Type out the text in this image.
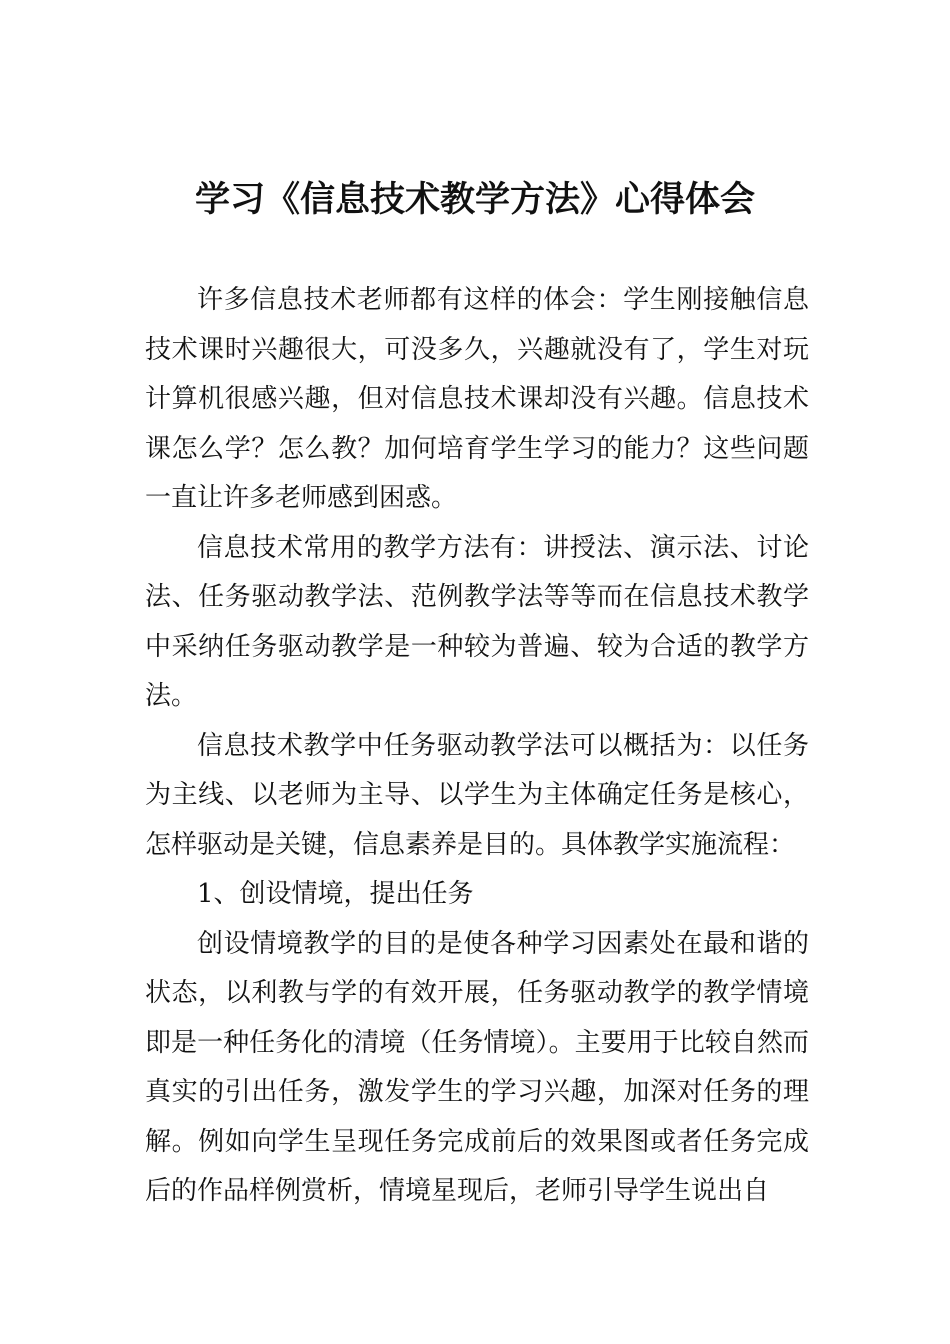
学习《信息技术教学方法》心得体会

许多信息技术老师都有这样的体会：学生刚接触信息技术课时兴趣很大，可没多久，兴趣就没有了，学生对玩计算机很感兴趣，但对信息技术课却没有兴趣。信息技术课怎么学？怎么教？加何培育学生学习的能力？这些问题一直让许多老师感到困惑。

信息技术常用的教学方法有：讲授法、演示法、讨论法、任务驱动教学法、范例教学法等等而在信息技术教学中采纳任务驱动教学是一种较为普遍、较为合适的教学方法。

信息技术教学中任务驱动教学法可以概括为：以任务为主线、以老师为主导、以学生为主体确定任务是核心，怎样驱动是关键，信息素养是目的。具体教学实施流程：

1、创设情境，提出任务

创设情境教学的目的是使各种学习因素处在最和谐的状态，以利教与学的有效开展，任务驱动教学的教学情境即是一种任务化的清境（任务情境）。主要用于比较自然而真实的引出任务，激发学生的学习兴趣，加深对任务的理解。例如向学生呈现任务完成前后的效果图或者任务完成后的作品样例赏析，情境星现后，老师引导学生说出自
